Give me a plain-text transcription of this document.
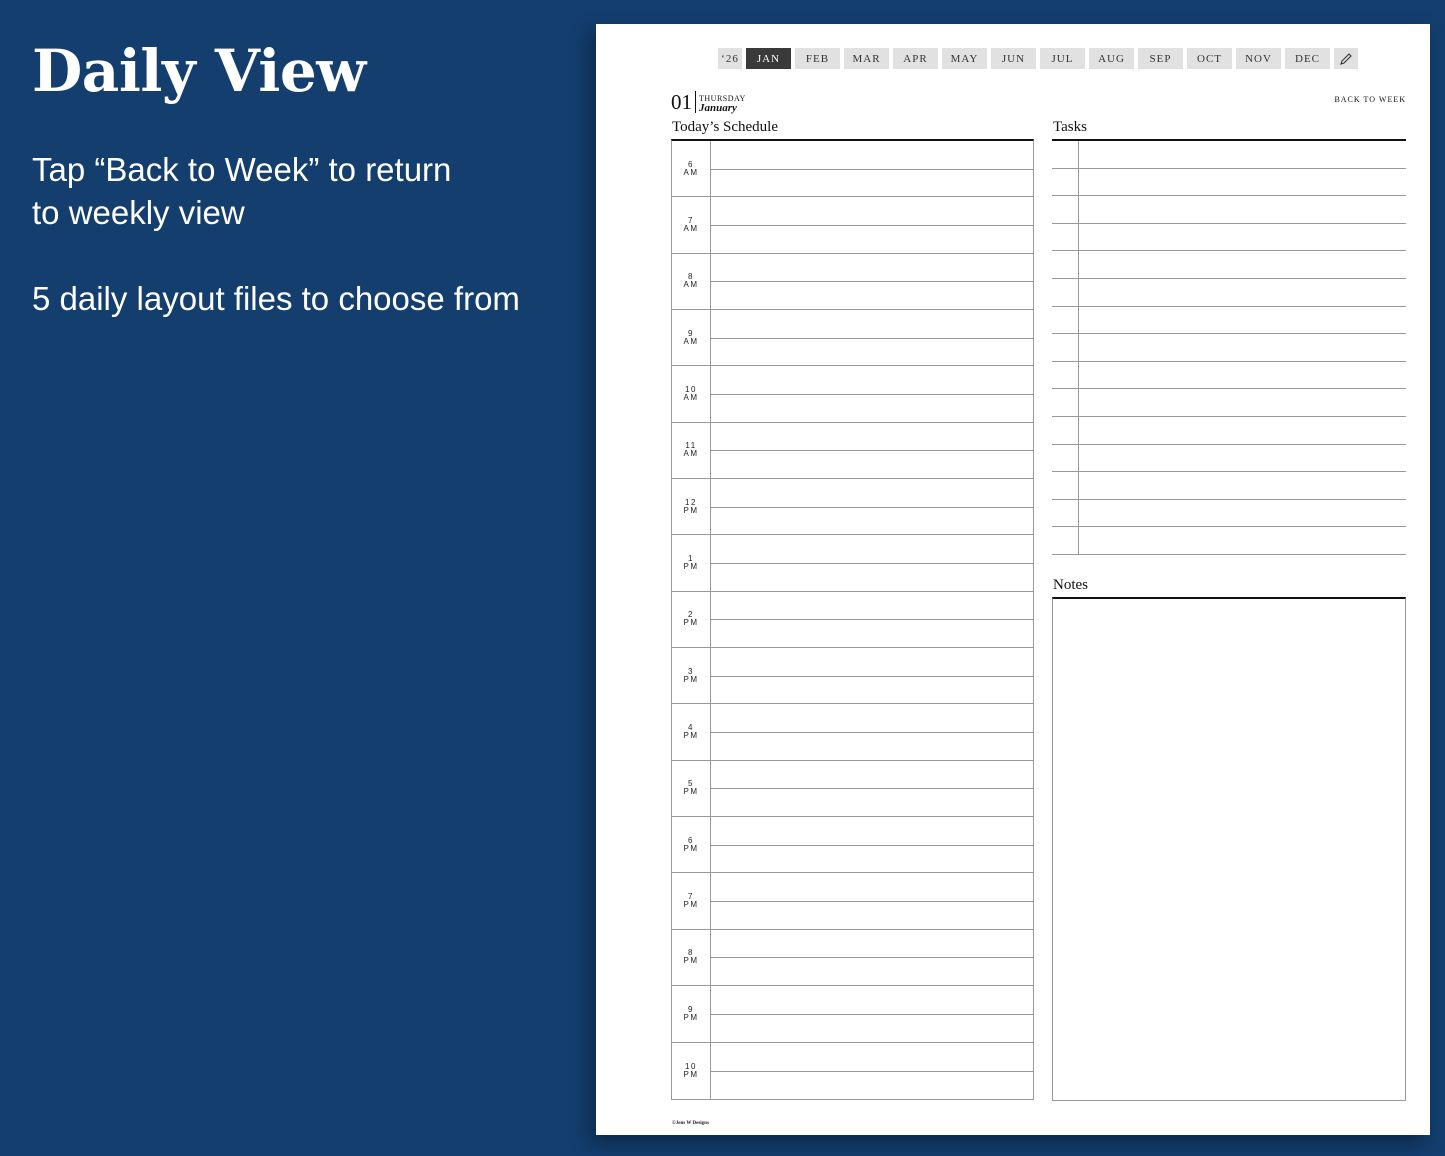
Daily View
Tap “Back to Week” to return
to weekly view
5 daily layout files to choose from
‘26	JAN	FEB	MAR	APR	MAY	JUN	JUL	AUG	SEP	OCT	NOV	DEC
01 THURSDAY
January
BACK TO WEEK
Today’s Schedule	Tasks
Notes
6
AM
7
AM
8
AM
9
AM
10
AM
11
AM
12
PM
1
PM
2
PM
3
PM
4
PM
5
PM
6
PM
7
PM
8
PM
9
PM
10
PM
©Jens W Designs
